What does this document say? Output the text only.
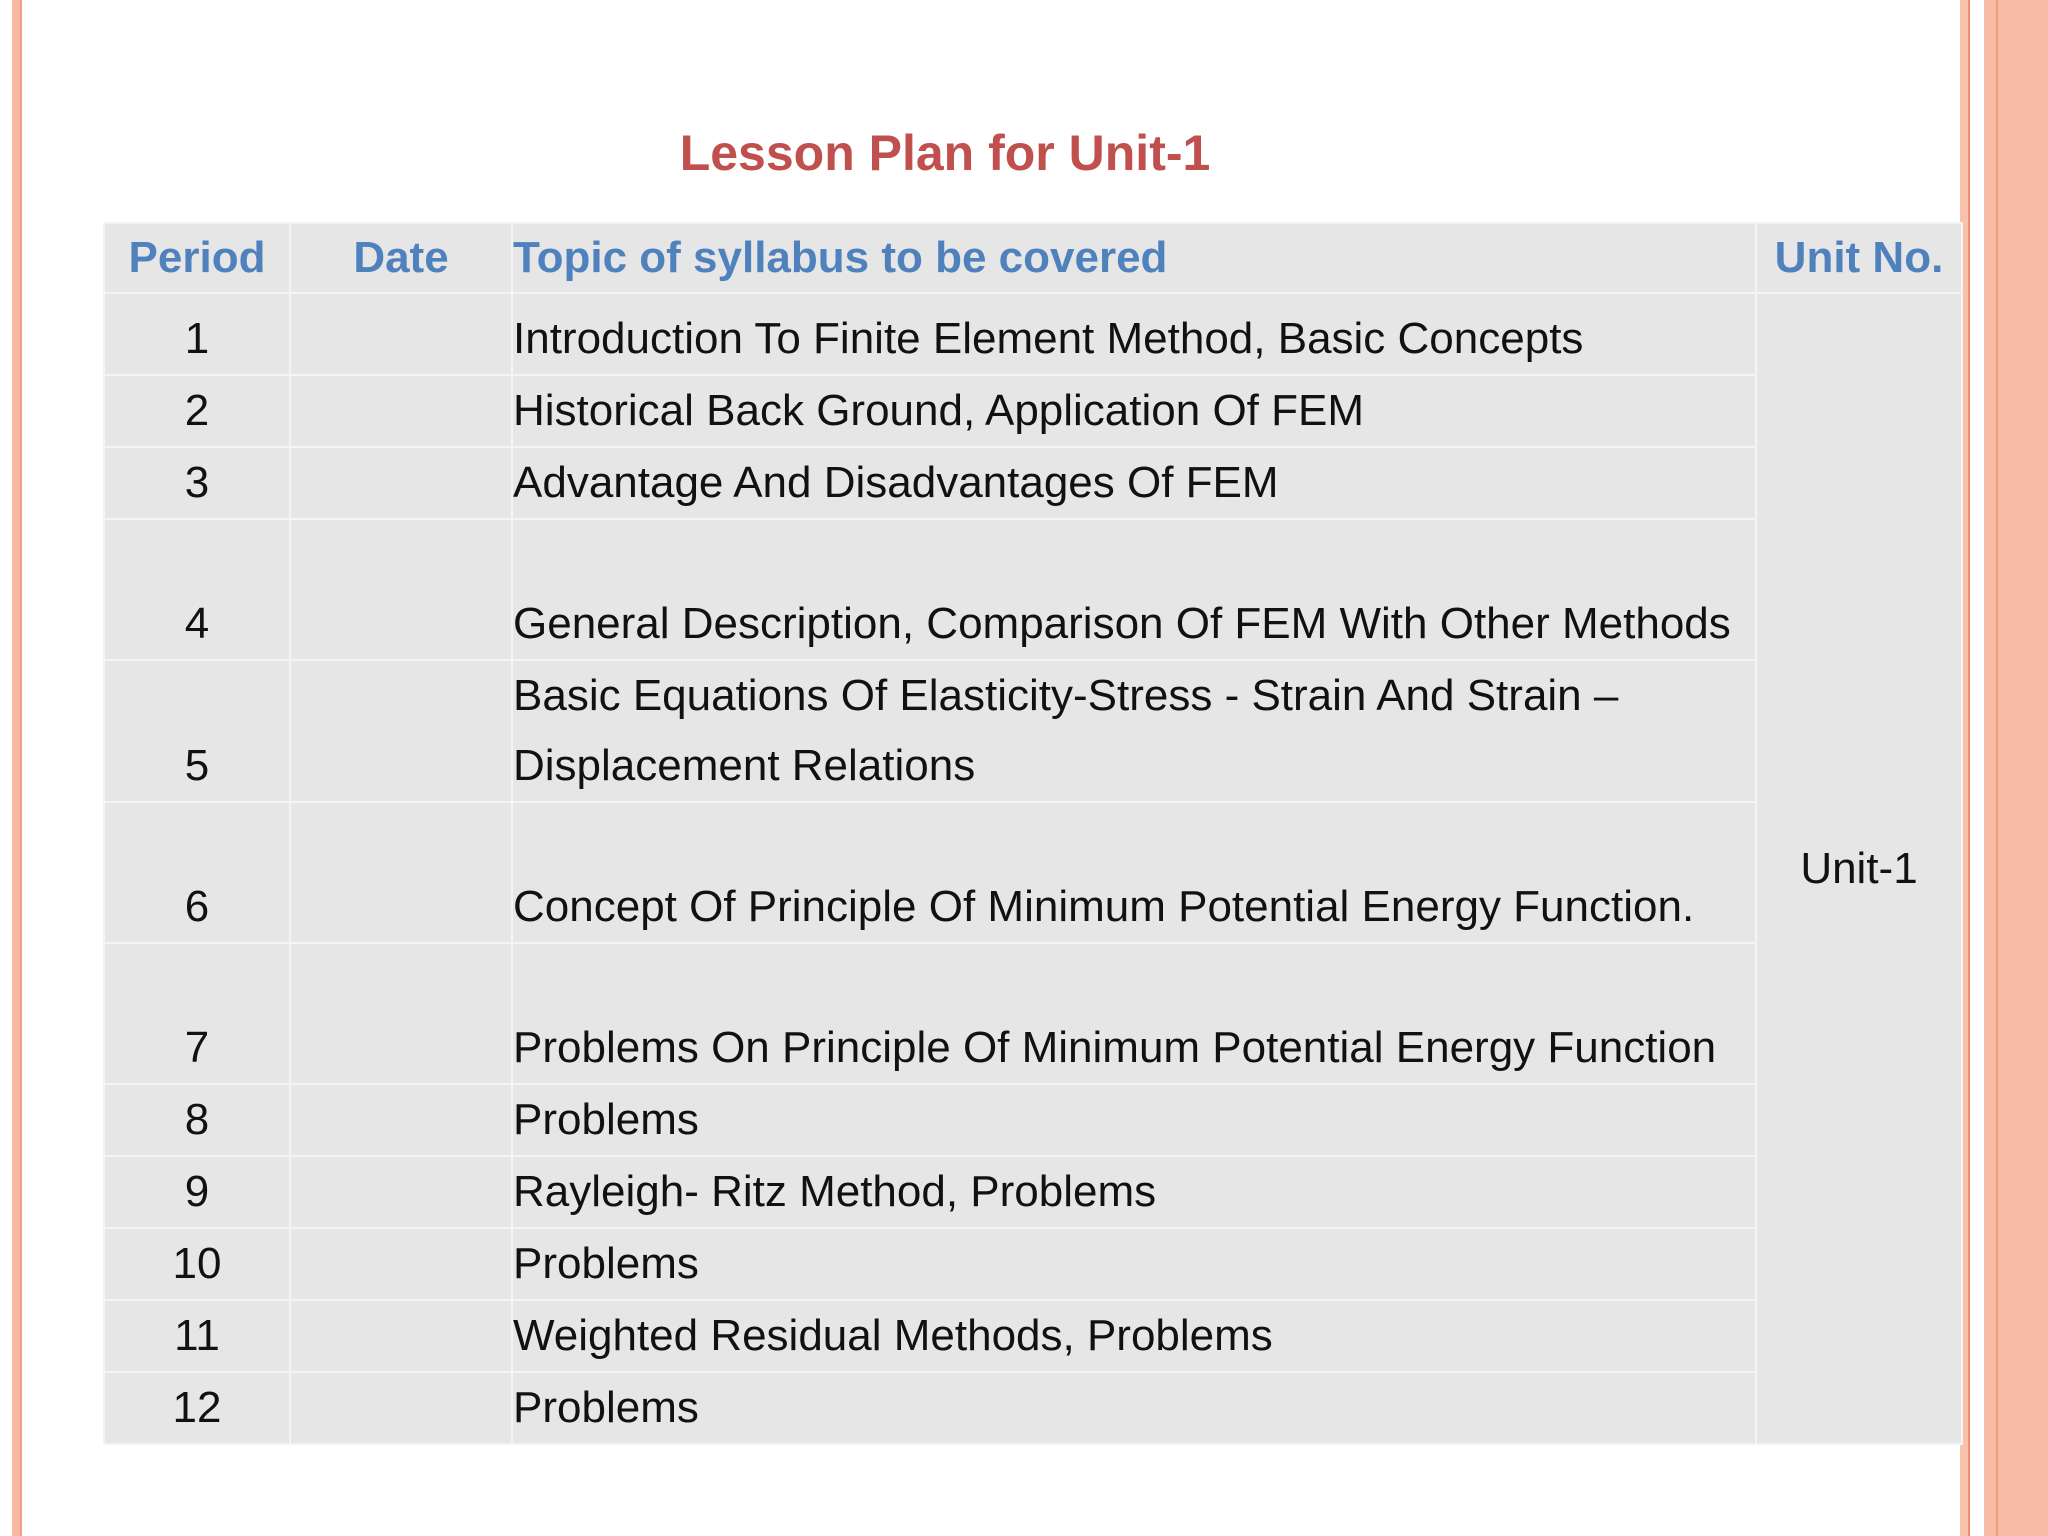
Lesson Plan for Unit-1
Period	Date	Topic of syllabus to be covered	Unit No.
1		Introduction To Finite Element Method, Basic Concepts	Unit-1
2		Historical Back Ground, Application Of FEM	
3		Advantage And Disadvantages Of FEM	
4		General Description, Comparison Of FEM With Other Methods	
5		Basic Equations Of Elasticity-Stress - Strain And Strain – Displacement Relations	
6		Concept Of Principle Of Minimum Potential Energy Function.	
7		Problems On Principle Of Minimum Potential Energy Function	
8		Problems	
9		Rayleigh- Ritz Method, Problems	
10		Problems	
11		Weighted Residual Methods, Problems	
12		Problems	
